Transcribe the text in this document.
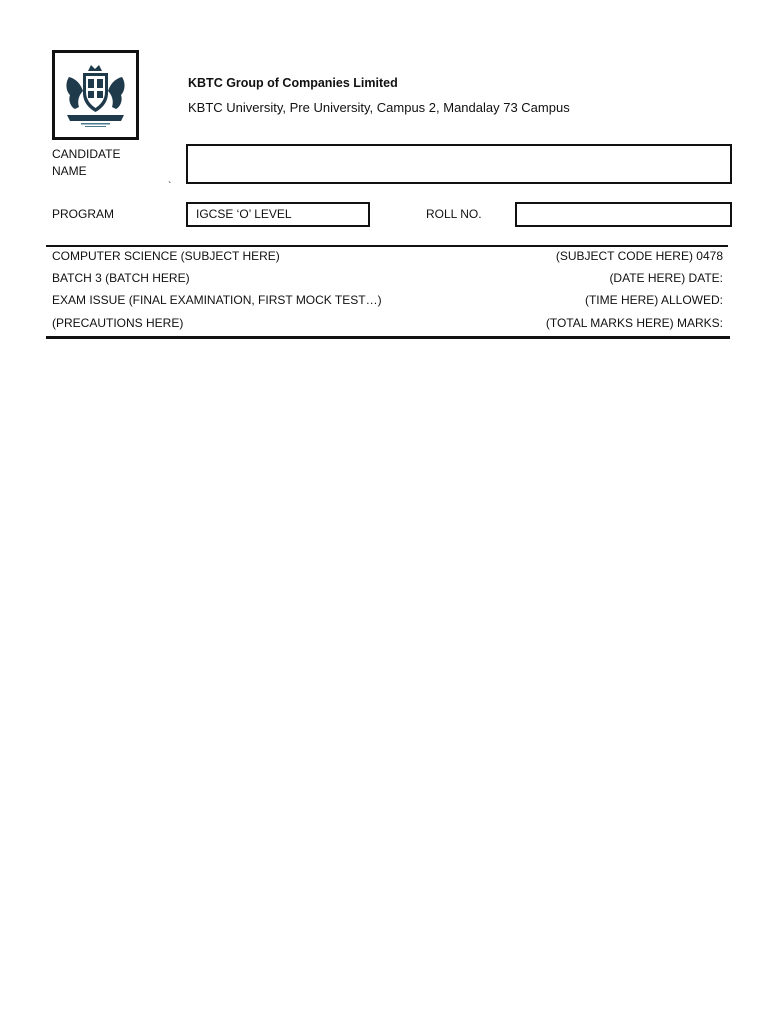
KBTC Group of Companies Limited
KBTC University, Pre University, Campus 2, Mandalay 73 Campus
CANDIDATE NAME
`
PROGRAM	IGCSE ‘O’ LEVEL	ROLL NO.
COMPUTER SCIENCE (SUBJECT HERE)	(SUBJECT CODE HERE) 0478
BATCH 3 (BATCH HERE)	(DATE HERE) DATE:
EXAM ISSUE (FINAL EXAMINATION, FIRST MOCK TEST…)	(TIME HERE) ALLOWED:
(PRECAUTIONS HERE)	(TOTAL MARKS HERE) MARKS:
